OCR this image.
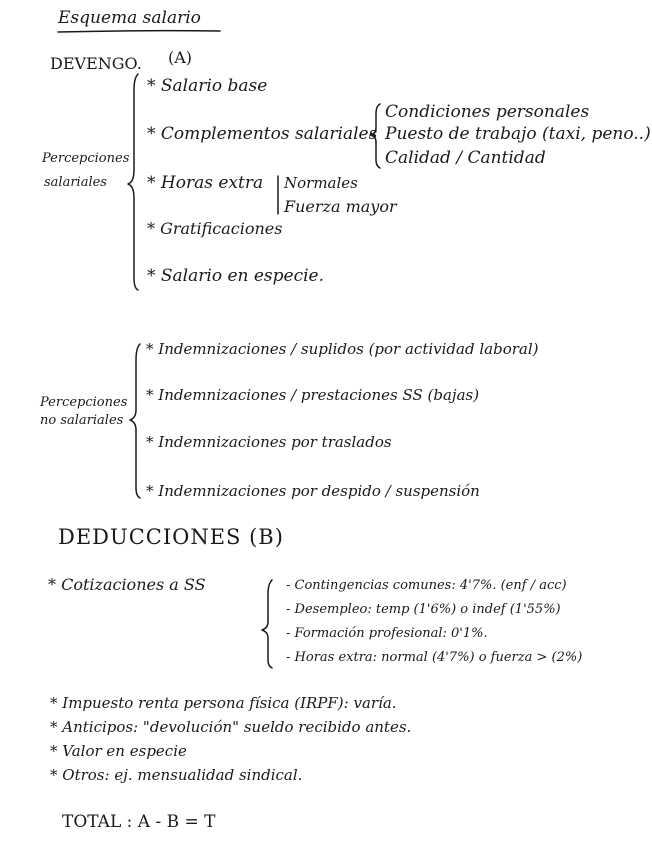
Esquema salario
DEVENGO. (A)
Percepciones
salariales
* Salario base
* Complementos salariales
* Horas extra
* Gratificaciones
* Salario en especie.
Condiciones personales
Puesto de trabajo (taxi, peno..)
Calidad / Cantidad
Normales
Fuerza mayor
Percepciones
no salariales
* Indemnizaciones / suplidos (por actividad laboral)
* Indemnizaciones / prestaciones SS (bajas)
* Indemnizaciones por traslados
* Indemnizaciones por despido / suspensión
DEDUCCIONES (B)
* Cotizaciones a SS	- Contingencias comunes: 4'7%. (enf / acc)
- Desempleo: temp (1'6%) o indef (1'55%)
- Formación profesional: 0'1%.
- Horas extra: normal (4'7%) o fuerza > (2%)
* Impuesto renta persona física (IRPF): varía.
* Anticipos: "devolución" sueldo recibido antes.
* Valor en especie
* Otros: ej. mensualidad sindical.
TOTAL : A - B = T
